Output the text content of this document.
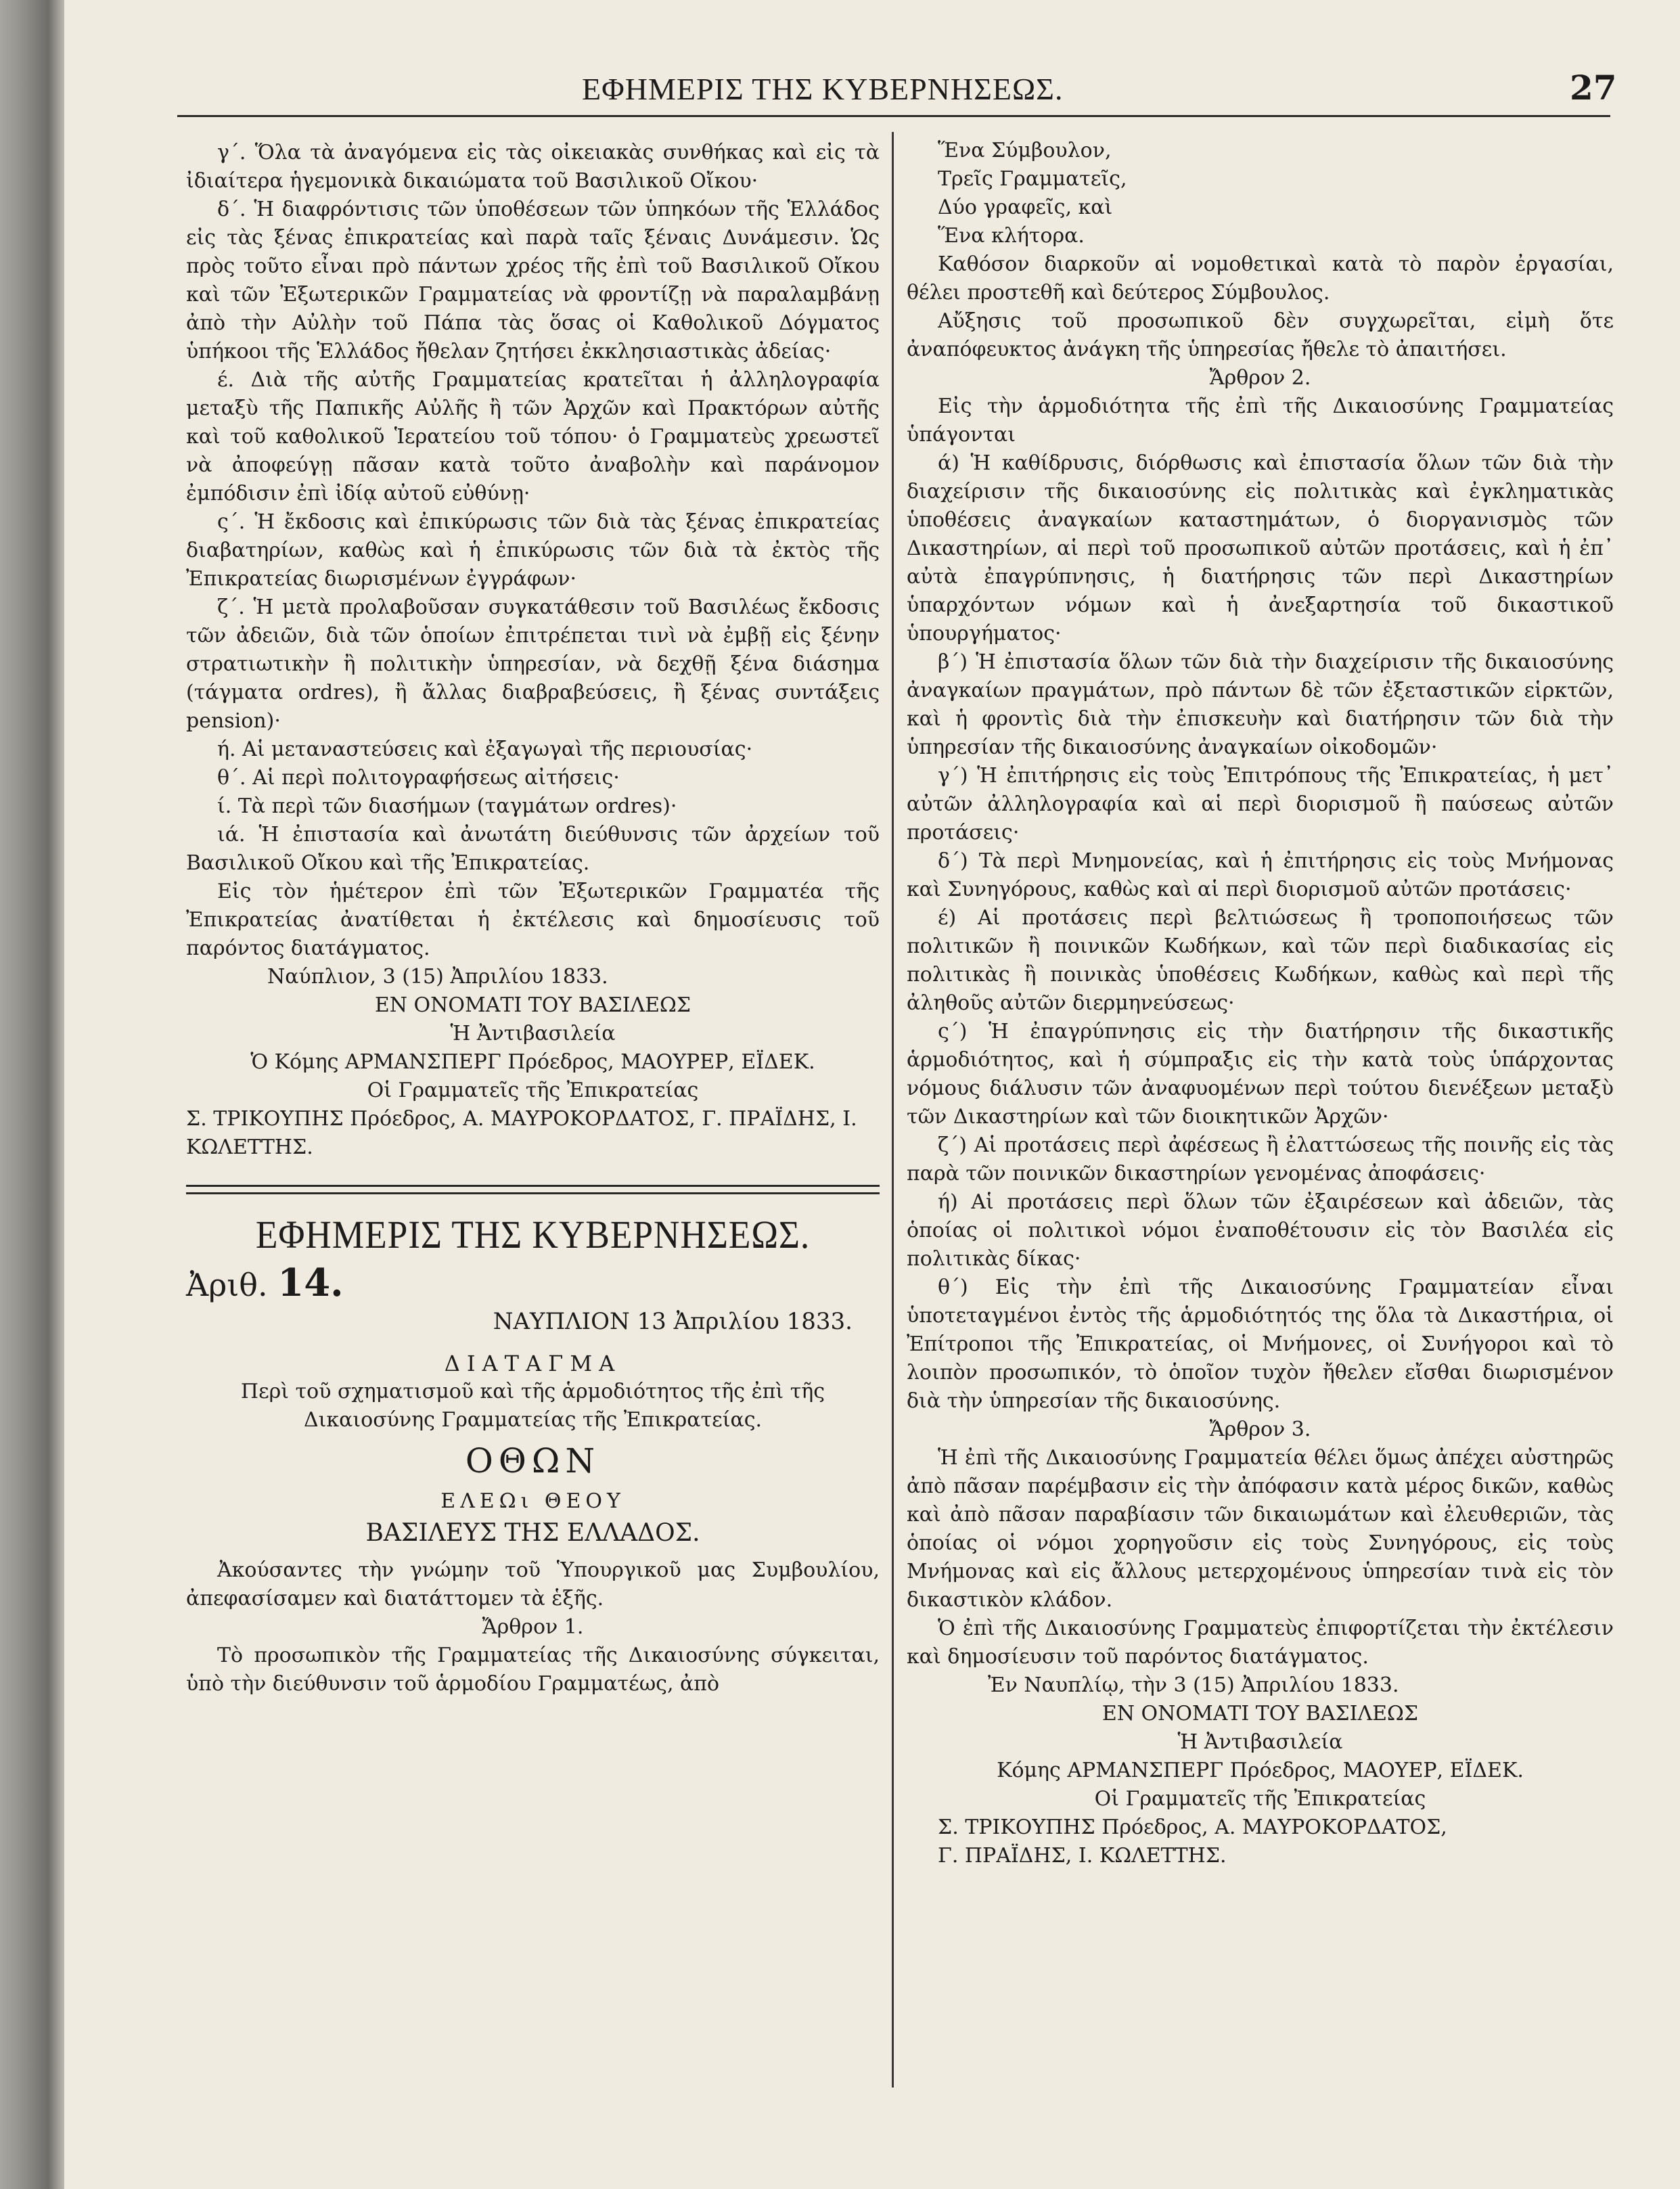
ΕΦΗΜΕΡΙΣ ΤΗΣ ΚΥΒΕΡΝΗΣΕΩΣ.	27

γ΄. Ὅλα τὰ ἀναγόμενα εἰς τὰς οἰκειακὰς συνθήκας καὶ εἰς τὰ ἰδιαίτερα ἡγεμονικὰ δικαιώματα τοῦ Βασιλικοῦ Οἴκου·

δ΄. Ἡ διαφρόντισις τῶν ὑποθέσεων τῶν ὑπηκόων τῆς Ἑλλάδος εἰς τὰς ξένας ἐπικρατείας καὶ παρὰ ταῖς ξέναις Δυνάμεσιν. Ὡς πρὸς τοῦτο εἶναι πρὸ πάντων χρέος τῆς ἐπὶ τοῦ Βασιλικοῦ Οἴκου καὶ τῶν Ἐξωτερικῶν Γραμματείας νὰ φροντίζῃ νὰ παραλαμβάνῃ ἀπὸ τὴν Αὐλὴν τοῦ Πάπα τὰς ὅσας οἱ Καθολικοῦ Δόγματος ὑπήκοοι τῆς Ἑλλάδος ἤθελαν ζητήσει ἐκκλησιαστικὰς ἀδείας·

έ. Διὰ τῆς αὐτῆς Γραμματείας κρατεῖται ἡ ἀλληλογραφία μεταξὺ τῆς Παπικῆς Αὐλῆς ἢ τῶν Ἀρχῶν καὶ Πρακτόρων αὐτῆς καὶ τοῦ καθολικοῦ Ἱερατείου τοῦ τόπου· ὁ Γραμματεὺς χρεωστεῖ νὰ ἀποφεύγῃ πᾶσαν κατὰ τοῦτο ἀναβολὴν καὶ παράνομον ἐμπόδισιν ἐπὶ ἰδίᾳ αὐτοῦ εὐθύνῃ·

ς΄. Ἡ ἔκδοσις καὶ ἐπικύρωσις τῶν διὰ τὰς ξένας ἐπικρατείας διαβατηρίων, καθὼς καὶ ἡ ἐπικύρωσις τῶν διὰ τὰ ἐκτὸς τῆς Ἐπικρατείας διωρισμένων ἐγγράφων·

ζ΄. Ἡ μετὰ προλαβοῦσαν συγκατάθεσιν τοῦ Βασιλέως ἔκδοσις τῶν ἀδειῶν, διὰ τῶν ὁποίων ἐπιτρέπεται τινὶ νὰ ἐμβῇ εἰς ξένην στρατιωτικὴν ἢ πολιτικὴν ὑπηρεσίαν, νὰ δεχθῇ ξένα διάσημα (τάγματα ordres), ἢ ἄλλας διαβραβεύσεις, ἢ ξένας συντάξεις pension)·

ή. Αἱ μεταναστεύσεις καὶ ἐξαγωγαὶ τῆς περιουσίας·

θ΄. Αἱ περὶ πολιτογραφήσεως αἰτήσεις·

ί. Τὰ περὶ τῶν διασήμων (ταγμάτων ordres)·

ιά. Ἡ ἐπιστασία καὶ ἀνωτάτη διεύθυνσις τῶν ἀρχείων τοῦ Βασιλικοῦ Οἴκου καὶ τῆς Ἐπικρατείας.

Εἰς τὸν ἡμέτερον ἐπὶ τῶν Ἐξωτερικῶν Γραμματέα τῆς Ἐπικρατείας ἀνατίθεται ἡ ἐκτέλεσις καὶ δημοσίευσις τοῦ παρόντος διατάγματος.

Ναύπλιον, 3 (15) Ἀπριλίου 1833.

ΕΝ ΟΝΟΜΑΤΙ ΤΟΥ ΒΑΣΙΛΕΩΣ

Ἡ Ἀντιβασιλεία

Ὁ Κόμης ΑΡΜΑΝΣΠΕΡΓ Πρόεδρος, ΜΑΟΥΡΕΡ, ΕΪΔΕΚ.

Οἱ Γραμματεῖς τῆς Ἐπικρατείας

Σ. ΤΡΙΚΟΥΠΗΣ Πρόεδρος, Α. ΜΑΥΡΟΚΟΡΔΑΤΟΣ, Γ. ΠΡΑΪΔΗΣ, Ι. ΚΩΛΕΤΤΗΣ.

ΕΦΗΜΕΡΙΣ ΤΗΣ ΚΥΒΕΡΝΗΣΕΩΣ.
Ἀριθ. 14.
ΝΑΥΠΛΙΟΝ 13 Ἀπριλίου 1833.
ΔΙΑΤΑΓΜΑ

Περὶ τοῦ σχηματισμοῦ καὶ τῆς ἁρμοδιότητος τῆς ἐπὶ τῆς Δικαιοσύνης Γραμματείας τῆς Ἐπικρατείας.

ΟΘΩΝ
ΕΛΕΩι ΘΕΟΥ
ΒΑΣΙΛΕΥΣ ΤΗΣ ΕΛΛΑΔΟΣ.

Ἀκούσαντες τὴν γνώμην τοῦ Ὑπουργικοῦ μας Συμβουλίου, ἀπεφασίσαμεν καὶ διατάττομεν τὰ ἑξῆς.

Ἄρθρον 1.

Τὸ προσωπικὸν τῆς Γραμματείας τῆς Δικαιοσύνης σύγκειται, ὑπὸ τὴν διεύθυνσιν τοῦ ἁρμοδίου Γραμματέως, ἀπὸ

Ἕνα Σύμβουλον,

Τρεῖς Γραμματεῖς,

Δύο γραφεῖς, καὶ

Ἕνα κλήτορα.

Καθόσον διαρκοῦν αἱ νομοθετικαὶ κατὰ τὸ παρὸν ἐργασίαι, θέλει προστεθῆ καὶ δεύτερος Σύμβουλος.

Αὔξησις τοῦ προσωπικοῦ δὲν συγχωρεῖται, εἰμὴ ὅτε ἀναπόφευκτος ἀνάγκη τῆς ὑπηρεσίας ἤθελε τὸ ἀπαιτήσει.

Ἄρθρον 2.

Εἰς τὴν ἁρμοδιότητα τῆς ἐπὶ τῆς Δικαιοσύνης Γραμματείας ὑπάγονται

ά) Ἡ καθίδρυσις, διόρθωσις καὶ ἐπιστασία ὅλων τῶν διὰ τὴν διαχείρισιν τῆς δικαιοσύνης εἰς πολιτικὰς καὶ ἐγκληματικὰς ὑποθέσεις ἀναγκαίων καταστημάτων, ὁ διοργανισμὸς τῶν Δικαστηρίων, αἱ περὶ τοῦ προσωπικοῦ αὐτῶν προτάσεις, καὶ ἡ ἐπ᾽ αὐτὰ ἐπαγρύπνησις, ἡ διατήρησις τῶν περὶ Δικαστηρίων ὑπαρχόντων νόμων καὶ ἡ ἀνεξαρτησία τοῦ δικαστικοῦ ὑπουργήματος·

β΄) Ἡ ἐπιστασία ὅλων τῶν διὰ τὴν διαχείρισιν τῆς δικαιοσύνης ἀναγκαίων πραγμάτων, πρὸ πάντων δὲ τῶν ἐξεταστικῶν εἱρκτῶν, καὶ ἡ φροντὶς διὰ τὴν ἐπισκευὴν καὶ διατήρησιν τῶν διὰ τὴν ὑπηρεσίαν τῆς δικαιοσύνης ἀναγκαίων οἰκοδομῶν·

γ΄) Ἡ ἐπιτήρησις εἰς τοὺς Ἐπιτρόπους τῆς Ἐπικρατείας, ἡ μετ᾽ αὐτῶν ἀλληλογραφία καὶ αἱ περὶ διορισμοῦ ἢ παύσεως αὐτῶν προτάσεις·

δ΄) Τὰ περὶ Μνημονείας, καὶ ἡ ἐπιτήρησις εἰς τοὺς Μνήμονας καὶ Συνηγόρους, καθὼς καὶ αἱ περὶ διορισμοῦ αὐτῶν προτάσεις·

έ) Αἱ προτάσεις περὶ βελτιώσεως ἢ τροποποιήσεως τῶν πολιτικῶν ἢ ποινικῶν Κωδήκων, καὶ τῶν περὶ διαδικασίας εἰς πολιτικὰς ἢ ποινικὰς ὑποθέσεις Κωδήκων, καθὼς καὶ περὶ τῆς ἀληθοῦς αὐτῶν διερμηνεύσεως·

ς΄) Ἡ ἐπαγρύπνησις εἰς τὴν διατήρησιν τῆς δικαστικῆς ἁρμοδιότητος, καὶ ἡ σύμπραξις εἰς τὴν κατὰ τοὺς ὑπάρχοντας νόμους διάλυσιν τῶν ἀναφυομένων περὶ τούτου διενέξεων μεταξὺ τῶν Δικαστηρίων καὶ τῶν διοικητικῶν Ἀρχῶν·

ζ΄) Αἱ προτάσεις περὶ ἀφέσεως ἢ ἐλαττώσεως τῆς ποινῆς εἰς τὰς παρὰ τῶν ποινικῶν δικαστηρίων γενομένας ἀποφάσεις·

ή) Αἱ προτάσεις περὶ ὅλων τῶν ἐξαιρέσεων καὶ ἀδειῶν, τὰς ὁποίας οἱ πολιτικοὶ νόμοι ἐναποθέτουσιν εἰς τὸν Βασιλέα εἰς πολιτικὰς δίκας·

θ΄) Εἰς τὴν ἐπὶ τῆς Δικαιοσύνης Γραμματείαν εἶναι ὑποτεταγμένοι ἐντὸς τῆς ἁρμοδιότητός της ὅλα τὰ Δικαστήρια, οἱ Ἐπίτροποι τῆς Ἐπικρατείας, οἱ Μνήμονες, οἱ Συνήγοροι καὶ τὸ λοιπὸν προσωπικόν, τὸ ὁποῖον τυχὸν ἤθελεν εἴσθαι διωρισμένον διὰ τὴν ὑπηρεσίαν τῆς δικαιοσύνης.

Ἄρθρον 3.

Ἡ ἐπὶ τῆς Δικαιοσύνης Γραμματεία θέλει ὅμως ἀπέχει αὐστηρῶς ἀπὸ πᾶσαν παρέμβασιν εἰς τὴν ἀπόφασιν κατὰ μέρος δικῶν, καθὼς καὶ ἀπὸ πᾶσαν παραβίασιν τῶν δικαιωμάτων καὶ ἐλευθεριῶν, τὰς ὁποίας οἱ νόμοι χορηγοῦσιν εἰς τοὺς Συνηγόρους, εἰς τοὺς Μνήμονας καὶ εἰς ἄλλους μετερχομένους ὑπηρεσίαν τινὰ εἰς τὸν δικαστικὸν κλάδον.

Ὁ ἐπὶ τῆς Δικαιοσύνης Γραμματεὺς ἐπιφορτίζεται τὴν ἐκτέλεσιν καὶ δημοσίευσιν τοῦ παρόντος διατάγματος.

Ἐν Ναυπλίῳ, τὴν 3 (15) Ἀπριλίου 1833.

ΕΝ ΟΝΟΜΑΤΙ ΤΟΥ ΒΑΣΙΛΕΩΣ

Ἡ Ἀντιβασιλεία

Κόμης ΑΡΜΑΝΣΠΕΡΓ Πρόεδρος, ΜΑΟΥΕΡ, ΕΪΔΕΚ.

Οἱ Γραμματεῖς τῆς Ἐπικρατείας

Σ. ΤΡΙΚΟΥΠΗΣ Πρόεδρος, Α. ΜΑΥΡΟΚΟΡΔΑΤΟΣ,

Γ. ΠΡΑΪΔΗΣ, Ι. ΚΩΛΕΤΤΗΣ.
